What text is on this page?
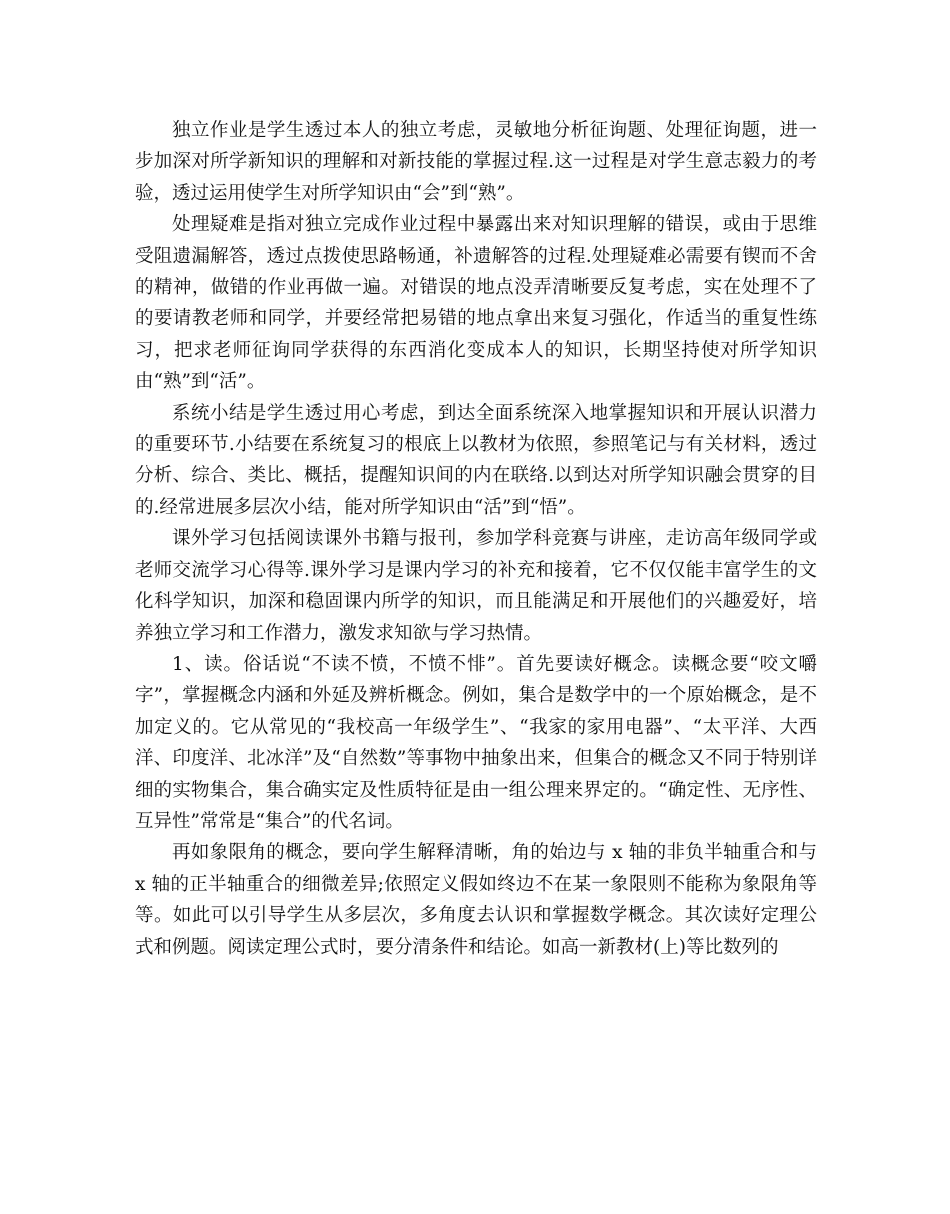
独立作业是学生透过本人的独立考虑，灵敏地分析征询题、处理征询题，进一步加深对所学新知识的理解和对新技能的掌握过程.这一过程是对学生意志毅力的考验，透过运用使学生对所学知识由“会”到“熟”。

处理疑难是指对独立完成作业过程中暴露出来对知识理解的错误，或由于思维受阻遗漏解答，透过点拨使思路畅通，补遗解答的过程.处理疑难必需要有锲而不舍的精神，做错的作业再做一遍。对错误的地点没弄清晰要反复考虑，实在处理不了的要请教老师和同学，并要经常把易错的地点拿出来复习强化，作适当的重复性练习，把求老师征询同学获得的东西消化变成本人的知识，长期坚持使对所学知识由“熟”到“活”。

系统小结是学生透过用心考虑，到达全面系统深入地掌握知识和开展认识潜力的重要环节.小结要在系统复习的根底上以教材为依照，参照笔记与有关材料，透过分析、综合、类比、概括，提醒知识间的内在联络.以到达对所学知识融会贯穿的目的.经常进展多层次小结，能对所学知识由“活”到“悟”。

课外学习包括阅读课外书籍与报刊，参加学科竞赛与讲座，走访高年级同学或老师交流学习心得等.课外学习是课内学习的补充和接着，它不仅仅能丰富学生的文化科学知识，加深和稳固课内所学的知识，而且能满足和开展他们的兴趣爱好，培养独立学习和工作潜力，激发求知欲与学习热情。

1、读。俗话说“不读不愤，不愤不悱”。首先要读好概念。读概念要“咬文嚼字”，掌握概念内涵和外延及辨析概念。例如，集合是数学中的一个原始概念，是不加定义的。它从常见的“我校高一年级学生”、“我家的家用电器”、“太平洋、大西洋、印度洋、北冰洋”及“自然数”等事物中抽象出来，但集合的概念又不同于特别详细的实物集合，集合确实定及性质特征是由一组公理来界定的。“确定性、无序性、互异性”常常是“集合”的代名词。

再如象限角的概念，要向学生解释清晰，角的始边与 x 轴的非负半轴重合和与 x 轴的正半轴重合的细微差异;依照定义假如终边不在某一象限则不能称为象限角等等。如此可以引导学生从多层次，多角度去认识和掌握数学概念。其次读好定理公式和例题。阅读定理公式时，要分清条件和结论。如高一新教材(上)等比数列的
